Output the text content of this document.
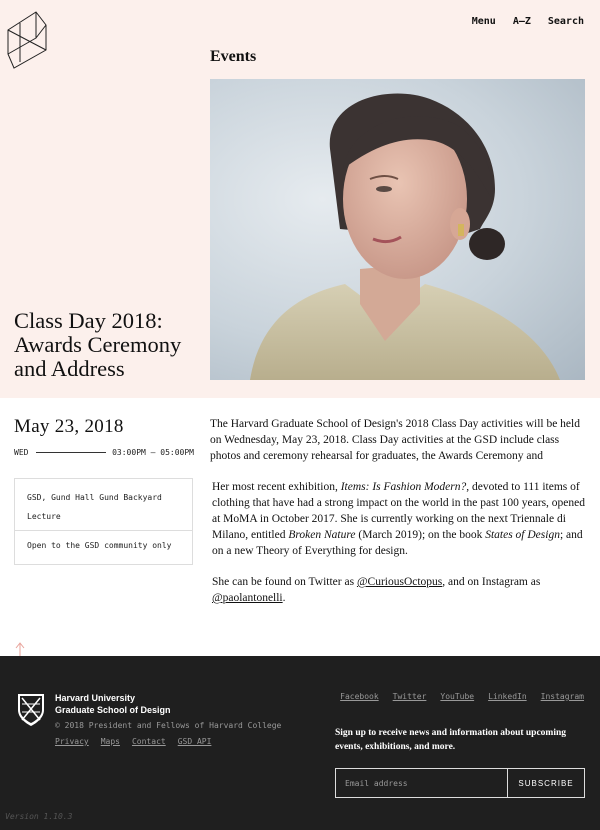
Menu A–Z Search
Events
Class Day 2018: Awards Ceremony and Address
May 23, 2018
WED	03:00PM – 05:00PM
GSD, Gund Hall Gund Backyard
Lecture
Open to the GSD community only
The Harvard Graduate School of Design's 2018 Class Day activities will be held on Wednesday, May 23, 2018. Class Day activities at the GSD include class photos and ceremony rehearsal for graduates, the Awards Ceremony and
Her most recent exhibition, Items: Is Fashion Modern?, devoted to 111 items of clothing that have had a strong impact on the world in the past 100 years, opened at MoMA in October 2017. She is currently working on the next Triennale di Milano, entitled Broken Nature (March 2019); on the book States of Design; and on a new Theory of Everything for design.
She can be found on Twitter as @CuriousOctopus, and on Instagram as @paolantonelli.
Harvard University
Graduate School of Design
© 2018 President and Fellows of Harvard College
Privacy Maps Contact GSD API
Facebook Twitter YouTube LinkedIn Instagram
Sign up to receive news and information about upcoming events, exhibitions, and more.
Email address
SUBSCRIBE
Version 1.10.3
